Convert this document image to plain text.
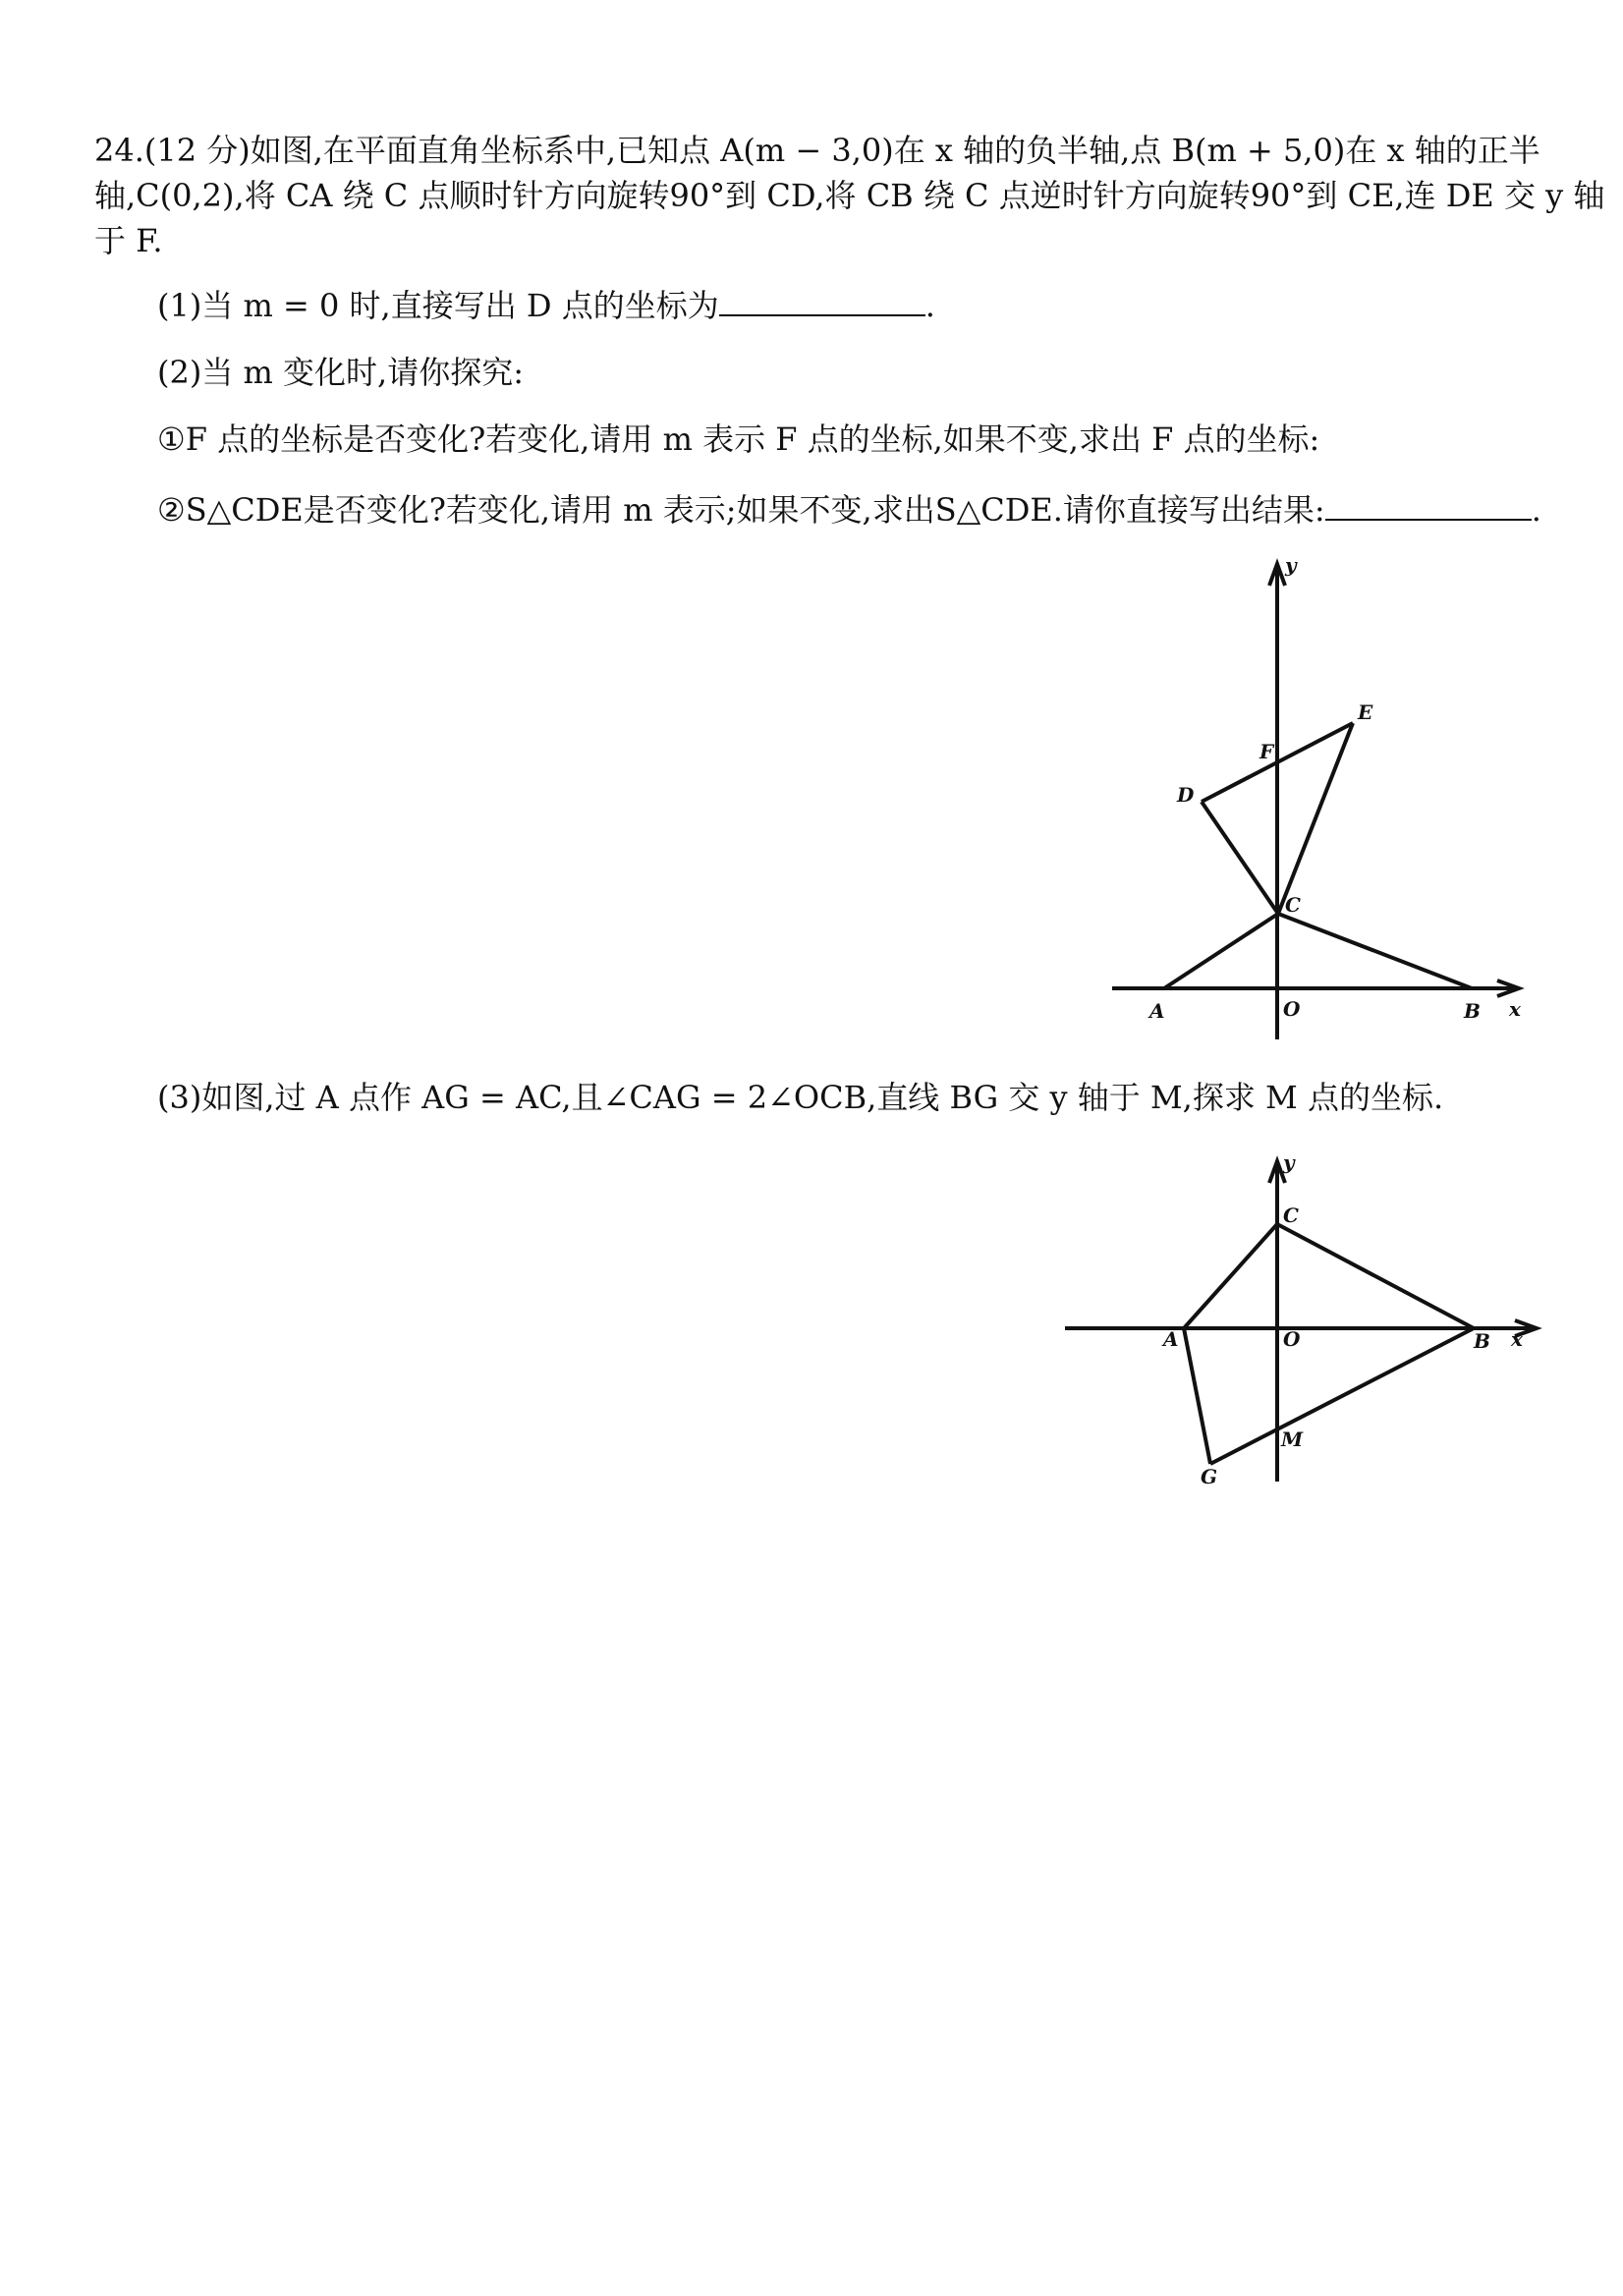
24.(12 分)如图,在平面直角坐标系中,已知点 A(m − 3,0)在 x 轴的负半轴,点 B(m + 5,0)在 x 轴的正半
轴,C(0,2),将 CA 绕 C 点顺时针方向旋转90°到 CD,将 CB 绕 C 点逆时针方向旋转90°到 CE,连 DE 交 y 轴
于 F.
(1)当 m = 0 时,直接写出 D 点的坐标为	.
(2)当 m 变化时,请你探究:
①F 点的坐标是否变化?若变化,请用 m 表示 F 点的坐标,如果不变,求出 F 点的坐标:
②S△CDE是否变化?若变化,请用 m 表示;如果不变,求出S△CDE.请你直接写出结果:	.
y
x
O
A	B
C
D
E
F
(3)如图,过 A 点作 AG = AC,且∠CAG = 2∠OCB,直线 BG 交 y 轴于 M,探求 M 点的坐标.
y
x
O
A	B
C
G
M
